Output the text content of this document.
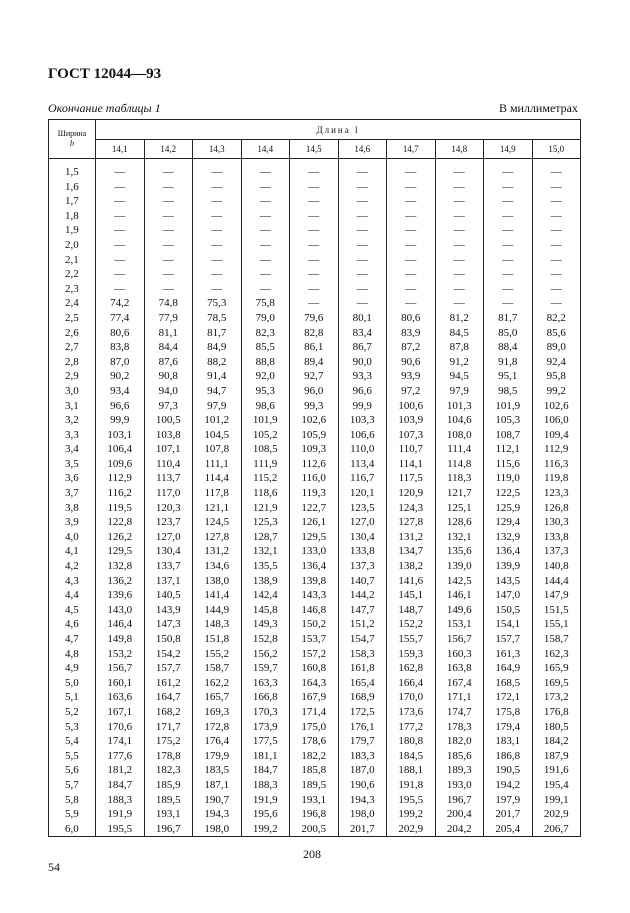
ГОСТ 12044—93
Окончание таблицы 1	В миллиметрах
Ширина
b	Длина l									
	14,1	14,2	14,3	14,4	14,5	14,6	14,7	14,8	14,9	15,0
1,5	—	—	—	—	—	—	—	—	—	—
1,6	—	—	—	—	—	—	—	—	—	—
1,7	—	—	—	—	—	—	—	—	—	—
1,8	—	—	—	—	—	—	—	—	—	—
1,9	—	—	—	—	—	—	—	—	—	—
2,0	—	—	—	—	—	—	—	—	—	—
2,1	—	—	—	—	—	—	—	—	—	—
2,2	—	—	—	—	—	—	—	—	—	—
2,3	—	—	—	—	—	—	—	—	—	—
2,4	74,2	74,8	75,3	75,8	—	—	—	—	—	—
2,5	77,4	77,9	78,5	79,0	79,6	80,1	80,6	81,2	81,7	82,2
2,6	80,6	81,1	81,7	82,3	82,8	83,4	83,9	84,5	85,0	85,6
2,7	83,8	84,4	84,9	85,5	86,1	86,7	87,2	87,8	88,4	89,0
2,8	87,0	87,6	88,2	88,8	89,4	90,0	90,6	91,2	91,8	92,4
2,9	90,2	90,8	91,4	92,0	92,7	93,3	93,9	94,5	95,1	95,8
3,0	93,4	94,0	94,7	95,3	96,0	96,6	97,2	97,9	98,5	99,2
3,1	96,6	97,3	97,9	98,6	99,3	99,9	100,6	101,3	101,9	102,6
3,2	99,9	100,5	101,2	101,9	102,6	103,3	103,9	104,6	105,3	106,0
3,3	103,1	103,8	104,5	105,2	105,9	106,6	107,3	108,0	108,7	109,4
3,4	106,4	107,1	107,8	108,5	109,3	110,0	110,7	111,4	112,1	112,9
3,5	109,6	110,4	111,1	111,9	112,6	113,4	114,1	114,8	115,6	116,3
3,6	112,9	113,7	114,4	115,2	116,0	116,7	117,5	118,3	119,0	119,8
3,7	116,2	117,0	117,8	118,6	119,3	120,1	120,9	121,7	122,5	123,3
3,8	119,5	120,3	121,1	121,9	122,7	123,5	124,3	125,1	125,9	126,8
3,9	122,8	123,7	124,5	125,3	126,1	127,0	127,8	128,6	129,4	130,3
4,0	126,2	127,0	127,8	128,7	129,5	130,4	131,2	132,1	132,9	133,8
4,1	129,5	130,4	131,2	132,1	133,0	133,8	134,7	135,6	136,4	137,3
4,2	132,8	133,7	134,6	135,5	136,4	137,3	138,2	139,0	139,9	140,8
4,3	136,2	137,1	138,0	138,9	139,8	140,7	141,6	142,5	143,5	144,4
4,4	139,6	140,5	141,4	142,4	143,3	144,2	145,1	146,1	147,0	147,9
4,5	143,0	143,9	144,9	145,8	146,8	147,7	148,7	149,6	150,5	151,5
4,6	146,4	147,3	148,3	149,3	150,2	151,2	152,2	153,1	154,1	155,1
4,7	149,8	150,8	151,8	152,8	153,7	154,7	155,7	156,7	157,7	158,7
4,8	153,2	154,2	155,2	156,2	157,2	158,3	159,3	160,3	161,3	162,3
4,9	156,7	157,7	158,7	159,7	160,8	161,8	162,8	163,8	164,9	165,9
5,0	160,1	161,2	162,2	163,3	164,3	165,4	166,4	167,4	168,5	169,5
5,1	163,6	164,7	165,7	166,8	167,9	168,9	170,0	171,1	172,1	173,2
5,2	167,1	168,2	169,3	170,3	171,4	172,5	173,6	174,7	175,8	176,8
5,3	170,6	171,7	172,8	173,9	175,0	176,1	177,2	178,3	179,4	180,5
5,4	174,1	175,2	176,4	177,5	178,6	179,7	180,8	182,0	183,1	184,2
5,5	177,6	178,8	179,9	181,1	182,2	183,3	184,5	185,6	186,8	187,9
5,6	181,2	182,3	183,5	184,7	185,8	187,0	188,1	189,3	190,5	191,6
5,7	184,7	185,9	187,1	188,3	189,5	190,6	191,8	193,0	194,2	195,4
5,8	188,3	189,5	190,7	191,9	193,1	194,3	195,5	196,7	197,9	199,1
5,9	191,9	193,1	194,3	195,6	196,8	198,0	199,2	200,4	201,7	202,9
6,0	195,5	196,7	198,0	199,2	200,5	201,7	202,9	204,2	205,4	206,7
54
208
